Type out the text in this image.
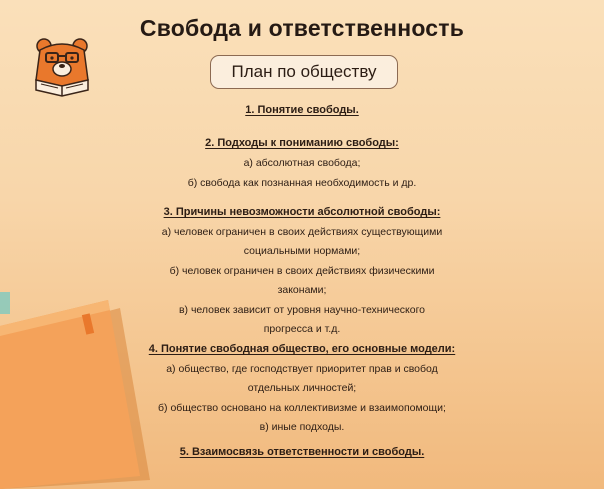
Свобода и ответственность
План по обществу
1. Понятие свободы.
2. Подходы к пониманию свободы:
а) абсолютная свобода;
б) свобода как познанная необходимость и др.
3. Причины невозможности абсолютной свободы:
а) человек ограничен в своих действиях существующими
социальными нормами;
б) человек ограничен в своих действиях физическими
законами;
в) человек зависит от уровня научно-технического
прогресса и т.д.
4. Понятие свободная общество, его основные модели:
а) общество, где господствует приоритет прав и свобод
отдельных личностей;
б) общество основано на коллективизме и взаимопомощи;
в) иные подходы.
5. Взаимосвязь ответственности и свободы.
